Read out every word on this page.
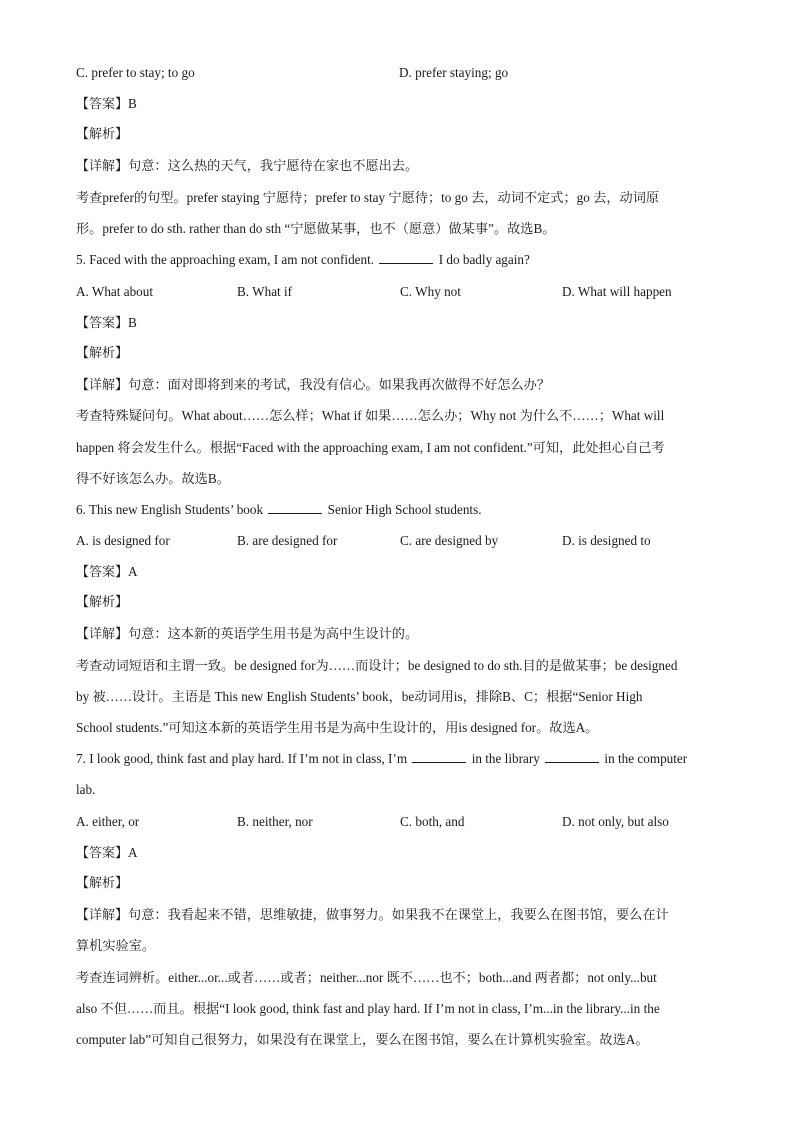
C. prefer to stay; to go	D. prefer staying; go
【答案】B
【解析】
【详解】句意：这么热的天气，我宁愿待在家也不愿出去。
考查prefer的句型。prefer staying 宁愿待；prefer to stay 宁愿待；to go 去，动词不定式；go 去，动词原
形。prefer to do sth. rather than do sth “宁愿做某事，也不（愿意）做某事”。故选B。
5. Faced with the approaching exam, I am not confident.	I do badly again?
A. What about	B. What if	C. Why not	D. What will happen
【答案】B
【解析】
【详解】句意：面对即将到来的考试，我没有信心。如果我再次做得不好怎么办？
考查特殊疑问句。What about……怎么样；What if 如果……怎么办；Why not 为什么不……；What will
happen 将会发生什么。根据“Faced with the approaching exam, I am not confident.”可知，此处担心自己考
得不好该怎么办。故选B。
6. This new English Students’ book	Senior High School students.
A. is designed for	B. are designed for	C. are designed by	D. is designed to
【答案】A
【解析】
【详解】句意：这本新的英语学生用书是为高中生设计的。
考查动词短语和主谓一致。be designed for为……而设计；be designed to do sth.目的是做某事；be designed
by 被……设计。主语是 This new English Students’ book，be动词用is，排除B、C；根据“Senior High
School students.”可知这本新的英语学生用书是为高中生设计的，用is designed for。故选A。
7. I look good, think fast and play hard. If I’m not in class, I’m	in the library	in the computer
lab.
A. either, or	B. neither, nor	C. both, and	D. not only, but also
【答案】A
【解析】
【详解】句意：我看起来不错，思维敏捷，做事努力。如果我不在课堂上，我要么在图书馆，要么在计
算机实验室。
考查连词辨析。either...or...或者……或者；neither...nor 既不……也不；both...and 两者都；not only...but
also 不但……而且。根据“I look good, think fast and play hard. If I’m not in class, I’m...in the library...in the
computer lab”可知自己很努力，如果没有在课堂上，要么在图书馆，要么在计算机实验室。故选A。
